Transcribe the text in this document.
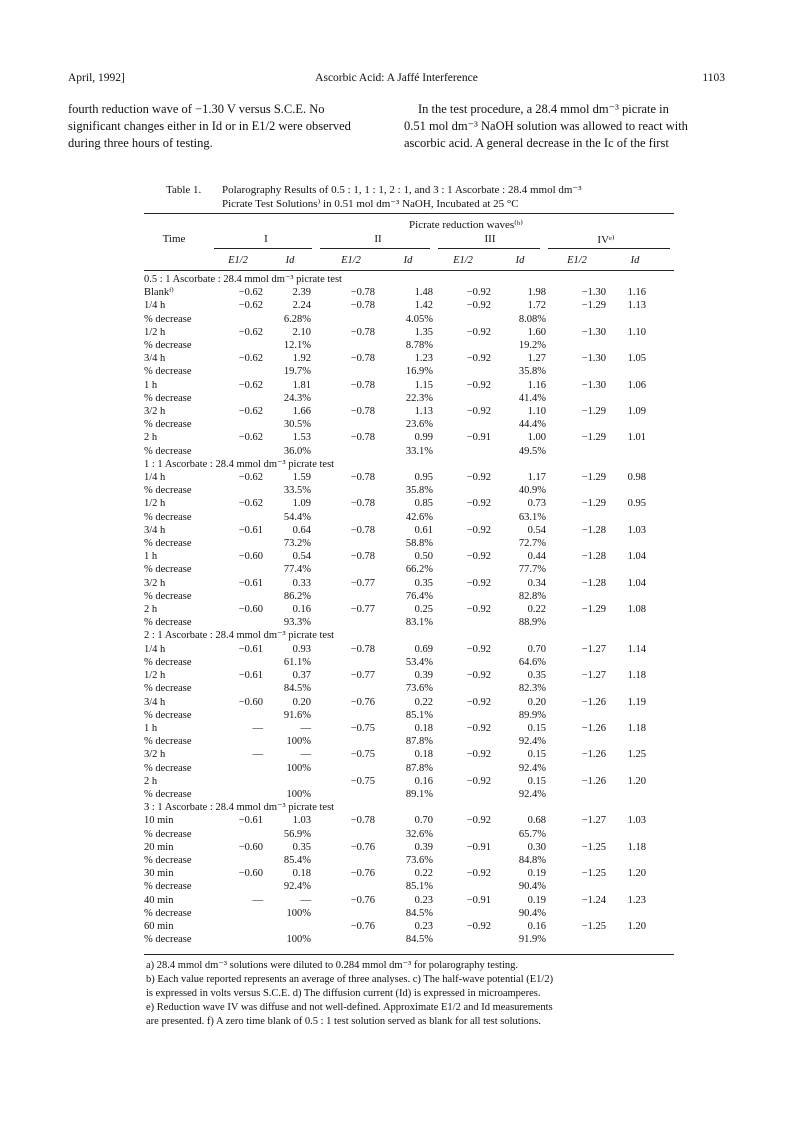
April, 1992]	Ascorbic Acid: A Jaffé Interference	1103
fourth reduction wave of −1.30 V versus S.C.E. No
significant changes either in Id or in E1/2 were observed
during three hours of testing.
In the test procedure, a 28.4 mmol dm⁻³ picrate in
0.51 mol dm⁻³ NaOH solution was allowed to react with
ascorbic acid. A general decrease in the Ic of the first
Table 1. Polarography Results of 0.5 : 1, 1 : 1, 2 : 1, and 3 : 1 Ascorbate : 28.4 mmol dm⁻³
Picrate Test Solutions⁾ in 0.51 mol dm⁻³ NaOH, Incubated at 25 °C
Picrate reduction waves⁽ᵇ⁾
Time	I	II	III	IVᵉ⁾
E1/2	Id	E1/2	Id	E1/2	Id	E1/2	Id
0.5 : 1 Ascorbate : 28.4 mmol dm⁻³ picrate test								
Blankᶠ⁾	−0.62	2.39	−0.78	1.48	−0.92	1.98	−1.30	1.16
1/4 h	−0.62	2.24	−0.78	1.42	−0.92	1.72	−1.29	1.13
% decrease		6.28%		4.05%		8.08%		
1/2 h	−0.62	2.10	−0.78	1.35	−0.92	1.60	−1.30	1.10
% decrease		12.1%		8.78%		19.2%		
3/4 h	−0.62	1.92	−0.78	1.23	−0.92	1.27	−1.30	1.05
% decrease		19.7%		16.9%		35.8%		
1 h	−0.62	1.81	−0.78	1.15	−0.92	1.16	−1.30	1.06
% decrease		24.3%		22.3%		41.4%		
3/2 h	−0.62	1.66	−0.78	1.13	−0.92	1.10	−1.29	1.09
% decrease		30.5%		23.6%		44.4%		
2 h	−0.62	1.53	−0.78	0.99	−0.91	1.00	−1.29	1.01
% decrease		36.0%		33.1%		49.5%		
1 : 1 Ascorbate : 28.4 mmol dm⁻³ picrate test								
1/4 h	−0.62	1.59	−0.78	0.95	−0.92	1.17	−1.29	0.98
% decrease		33.5%		35.8%		40.9%		
1/2 h	−0.62	1.09	−0.78	0.85	−0.92	0.73	−1.29	0.95
% decrease		54.4%		42.6%		63.1%		
3/4 h	−0.61	0.64	−0.78	0.61	−0.92	0.54	−1.28	1.03
% decrease		73.2%		58.8%		72.7%		
1 h	−0.60	0.54	−0.78	0.50	−0.92	0.44	−1.28	1.04
% decrease		77.4%		66.2%		77.7%		
3/2 h	−0.61	0.33	−0.77	0.35	−0.92	0.34	−1.28	1.04
% decrease		86.2%		76.4%		82.8%		
2 h	−0.60	0.16	−0.77	0.25	−0.92	0.22	−1.29	1.08
% decrease		93.3%		83.1%		88.9%		
2 : 1 Ascorbate : 28.4 mmol dm⁻³ picrate test								
1/4 h	−0.61	0.93	−0.78	0.69	−0.92	0.70	−1.27	1.14
% decrease		61.1%		53.4%		64.6%		
1/2 h	−0.61	0.37	−0.77	0.39	−0.92	0.35	−1.27	1.18
% decrease		84.5%		73.6%		82.3%		
3/4 h	−0.60	0.20	−0.76	0.22	−0.92	0.20	−1.26	1.19
% decrease		91.6%		85.1%		89.9%		
1 h	—	—	−0.75	0.18	−0.92	0.15	−1.26	1.18
% decrease		100%		87.8%		92.4%		
3/2 h	—	—	−0.75	0.18	−0.92	0.15	−1.26	1.25
% decrease		100%		87.8%		92.4%		
2 h			−0.75	0.16	−0.92	0.15	−1.26	1.20
% decrease		100%		89.1%		92.4%		
3 : 1 Ascorbate : 28.4 mmol dm⁻³ picrate test								
10 min	−0.61	1.03	−0.78	0.70	−0.92	0.68	−1.27	1.03
% decrease		56.9%		32.6%		65.7%		
20 min	−0.60	0.35	−0.76	0.39	−0.91	0.30	−1.25	1.18
% decrease		85.4%		73.6%		84.8%		
30 min	−0.60	0.18	−0.76	0.22	−0.92	0.19	−1.25	1.20
% decrease		92.4%		85.1%		90.4%		
40 min	—	—	−0.76	0.23	−0.91	0.19	−1.24	1.23
% decrease		100%		84.5%		90.4%		
60 min			−0.76	0.23	−0.92	0.16	−1.25	1.20
% decrease		100%		84.5%		91.9%		
a) 28.4 mmol dm⁻³ solutions were diluted to 0.284 mmol dm⁻³ for polarography testing.
b) Each value reported represents an average of three analyses. c) The half-wave potential (E1/2)
is expressed in volts versus S.C.E. d) The diffusion current (Id) is expressed in microamperes.
e) Reduction wave IV was diffuse and not well-defined. Approximate E1/2 and Id measurements
are presented. f) A zero time blank of 0.5 : 1 test solution served as blank for all test solutions.
